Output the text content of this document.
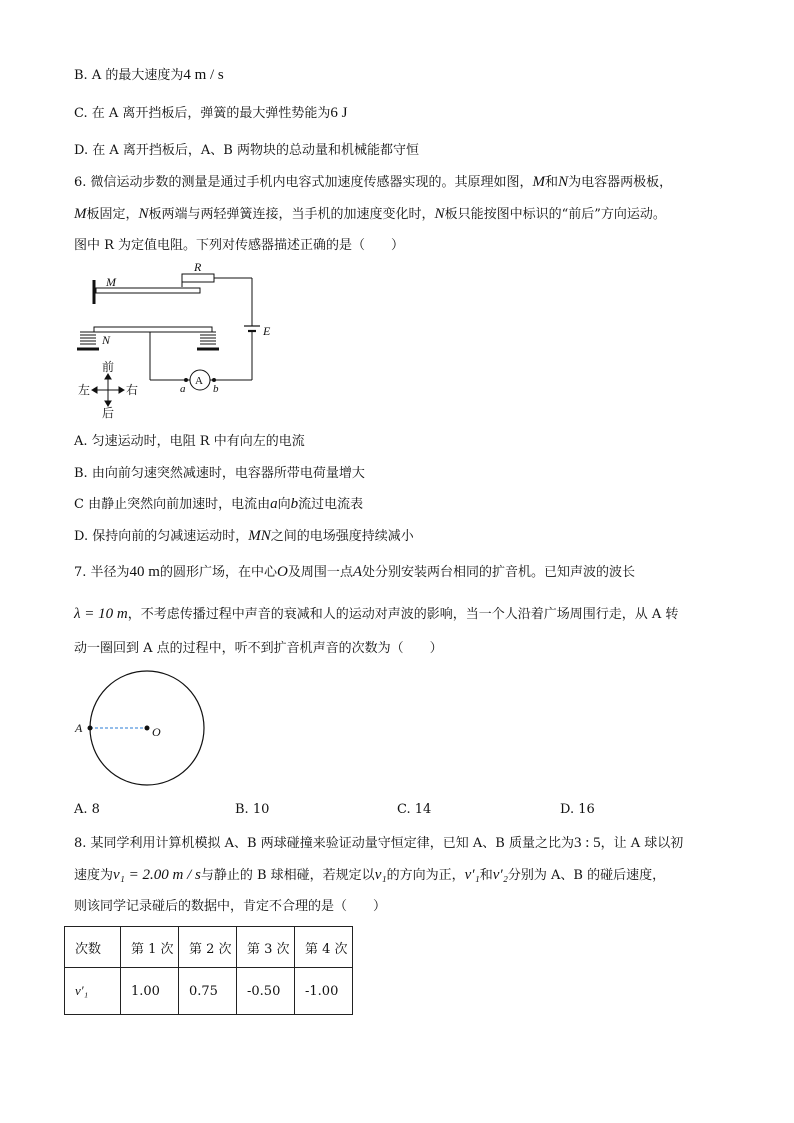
B. A 的最大速度为4 m / s
C. 在 A 离开挡板后，弹簧的最大弹性势能为6 J
D. 在 A 离开挡板后，A、B 两物块的总动量和机械能都守恒
6. 微信运动步数的测量是通过手机内电容式加速度传感器实现的。其原理如图，M和N为电容器两极板，
M板固定，N板两端与两轻弹簧连接，当手机的加速度变化时，N板只能按图中标识的“前后”方向运动。
图中 R 为定值电阻。下列对传感器描述正确的是（　　）
M
R
E
N
A
a	b
前
后
左	右
A. 匀速运动时，电阻 R 中有向左的电流
B. 由向前匀速突然减速时，电容器所带电荷量增大
C 由静止突然向前加速时，电流由a向b流过电流表
D. 保持向前的匀减速运动时，MN之间的电场强度持续减小
7. 半径为40 m的圆形广场，在中心O及周围一点A处分别安装两台相同的扩音机。已知声波的波长
λ = 10 m，不考虑传播过程中声音的衰减和人的运动对声波的影响，当一个人沿着广场周围行走，从 A 转
动一圈回到 A 点的过程中，听不到扩音机声音的次数为（　　）
A	O
A. 8	B. 10	C. 14	D. 16
8. 某同学利用计算机模拟 A、B 两球碰撞来验证动量守恒定律，已知 A、B 质量之比为3 : 5，让 A 球以初
速度为v₁ = 2.00 m / s与静止的 B 球相碰，若规定以v₁的方向为正，v′₁和v′₂分别为 A、B 的碰后速度，
则该同学记录碰后的数据中，肯定不合理的是（　　）
次数	第 1 次	第 2 次	第 3 次	第 4 次
v′₁	1.00	0.75	-0.50	-1.00
